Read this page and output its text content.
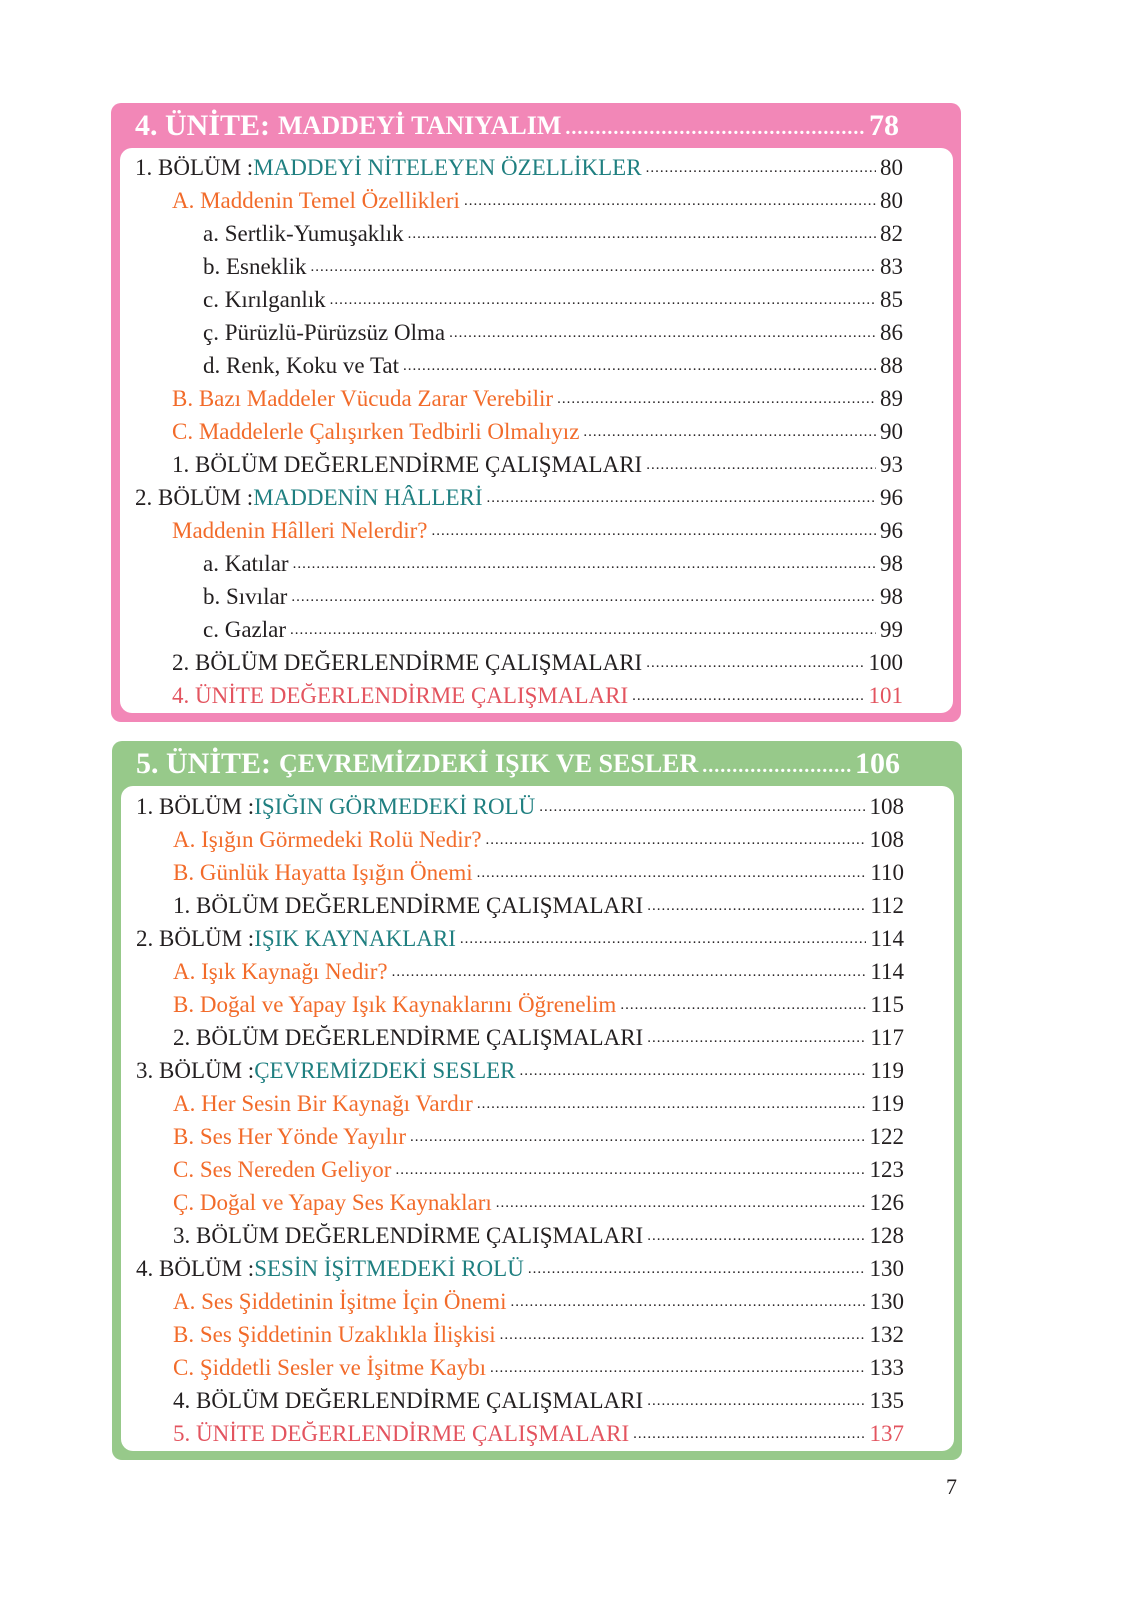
4. ÜNİTE: MADDEYİ TANIYALIM .....	78
1. BÖLÜM : MADDEYİ NİTELEYEN ÖZELLİKLER .....	80
A. Maddenin Temel Özellikleri .....	80
a. Sertlik-Yumuşaklık .....	82
b. Esneklik .....	83
c. Kırılganlık .....	85
ç. Pürüzlü-Pürüzsüz Olma .....	86
d. Renk, Koku ve Tat .....	88
B. Bazı Maddeler Vücuda Zarar Verebilir .....	89
C. Maddelerle Çalışırken Tedbirli Olmalıyız .....	90
1. BÖLÜM DEĞERLENDİRME ÇALIŞMALARI .....	93
2. BÖLÜM : MADDENİN HÂLLERİ .....	96
Maddenin Hâlleri Nelerdir? .....	96
a. Katılar .....	98
b. Sıvılar .....	98
c. Gazlar .....	99
2. BÖLÜM DEĞERLENDİRME ÇALIŞMALARI .....	100
4. ÜNİTE DEĞERLENDİRME ÇALIŞMALARI .....	101
5. ÜNİTE: ÇEVREMİZDEKİ IŞIK VE SESLER .....	106
1. BÖLÜM : IŞIĞIN GÖRMEDEKİ ROLÜ .....	108
A. Işığın Görmedeki Rolü Nedir? .....	108
B. Günlük Hayatta Işığın Önemi .....	110
1. BÖLÜM DEĞERLENDİRME ÇALIŞMALARI .....	112
2. BÖLÜM : IŞIK KAYNAKLARI .....	114
A. Işık Kaynağı Nedir? .....	114
B. Doğal ve Yapay Işık Kaynaklarını Öğrenelim .....	115
2. BÖLÜM DEĞERLENDİRME ÇALIŞMALARI .....	117
3. BÖLÜM : ÇEVREMİZDEKİ SESLER .....	119
A. Her Sesin Bir Kaynağı Vardır .....	119
B. Ses Her Yönde Yayılır .....	122
C. Ses Nereden Geliyor .....	123
Ç. Doğal ve Yapay Ses Kaynakları .....	126
3. BÖLÜM DEĞERLENDİRME ÇALIŞMALARI .....	128
4. BÖLÜM : SESİN İŞİTMEDEKİ ROLÜ .....	130
A. Ses Şiddetinin İşitme İçin Önemi .....	130
B. Ses Şiddetinin Uzaklıkla İlişkisi .....	132
C. Şiddetli Sesler ve İşitme Kaybı .....	133
4. BÖLÜM DEĞERLENDİRME ÇALIŞMALARI .....	135
5. ÜNİTE DEĞERLENDİRME ÇALIŞMALARI .....	137
7
